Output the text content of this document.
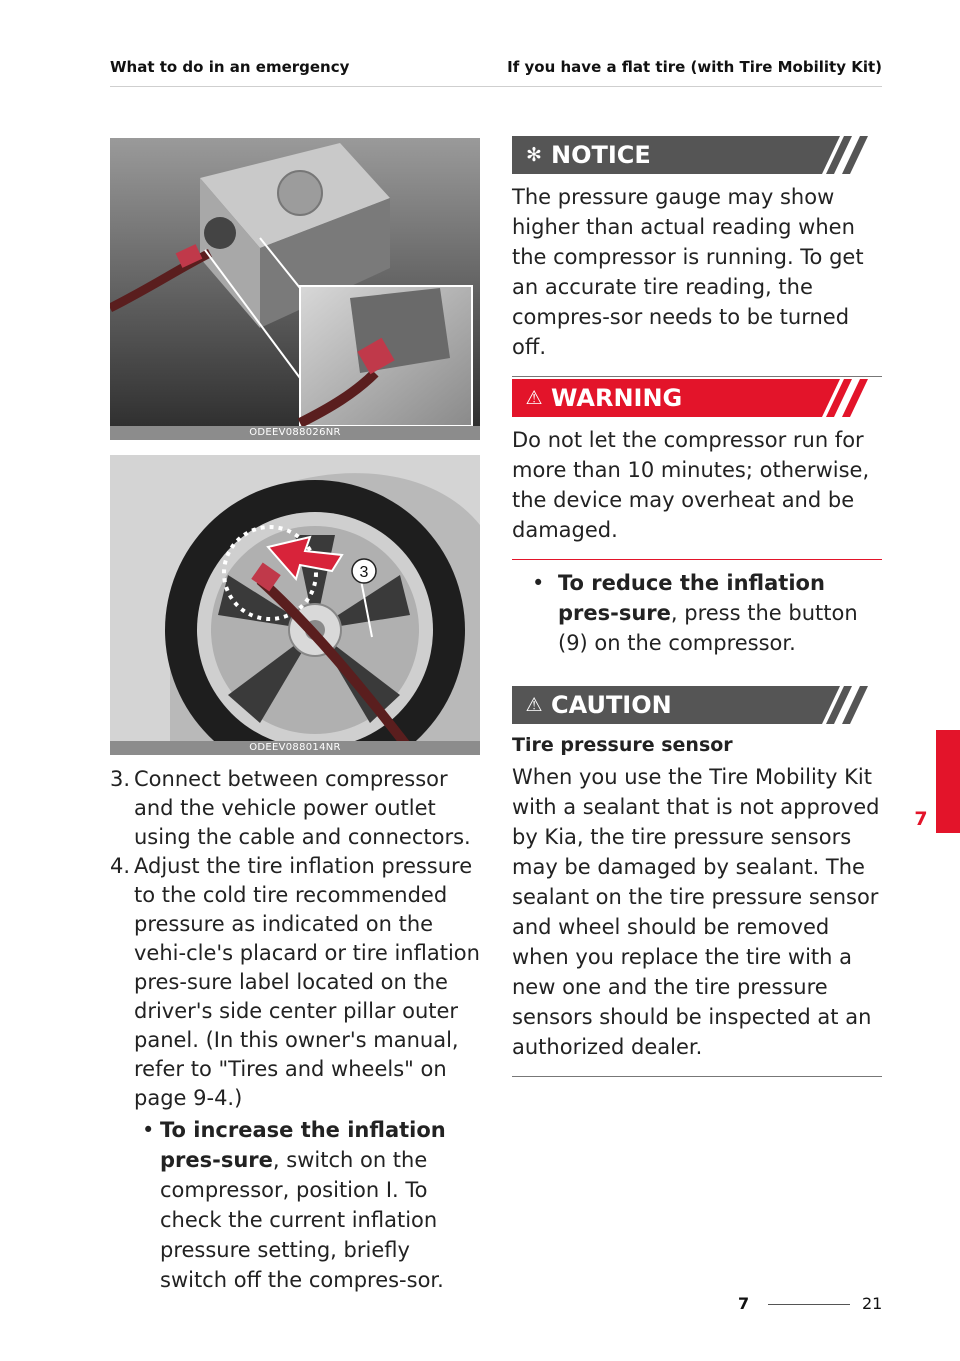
What to do in an emergency	If you have a flat tire (with Tire Mobility Kit)
ODEEV088026NR
3
ODEEV088014NR
3. Connect between compressor and the vehicle power outlet using the cable and connectors.
4. Adjust the tire inflation pressure to the cold tire recommended pressure as indicated on the vehi-cle's placard or tire inflation pres-sure label located on the driver's side center pillar outer panel. (In this owner's manual, refer to "Tires and wheels" on page 9-4.)
• To increase the inflation pres-sure, switch on the compressor, position I. To check the current inflation pressure setting, briefly switch off the compres-sor.
✻ NOTICE
The pressure gauge may show higher than actual reading when the compressor is running. To get an accurate tire reading, the compres-sor needs to be turned off.
⚠ WARNING
Do not let the compressor run for more than 10 minutes; otherwise, the device may overheat and be damaged.
• To reduce the inflation pres-sure, press the button (9) on the compressor.
⚠ CAUTION
Tire pressure sensor
When you use the Tire Mobility Kit with a sealant that is not approved by Kia, the tire pressure sensors may be damaged by sealant. The sealant on the tire pressure sensor and wheel should be removed when you replace the tire with a new one and the tire pressure sensors should be inspected at an authorized dealer.
7
7	21
